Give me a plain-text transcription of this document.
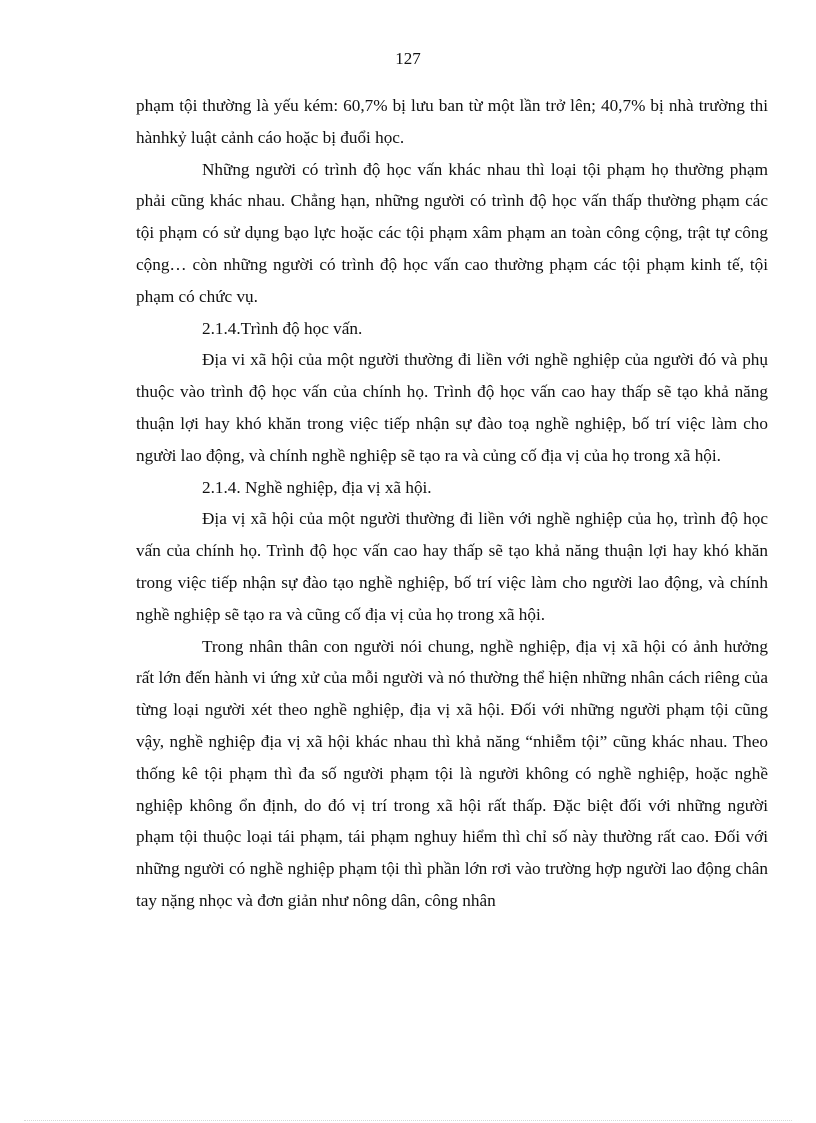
127

phạm tội thường là yếu kém: 60,7% bị lưu ban từ một lần trở lên; 40,7% bị nhà trường thi hànhkỷ luật cảnh cáo hoặc bị đuổi học.

Những người có trình độ học vấn khác nhau thì loại tội phạm họ thường phạm phải cũng khác nhau. Chẳng hạn, những người có trình độ học vấn thấp thường phạm các tội phạm có sử dụng bạo lực hoặc các tội phạm xâm phạm an toàn công cộng, trật tự công cộng… còn những người có trình độ học vấn cao thường phạm các tội phạm kinh tế, tội phạm có chức vụ.

2.1.4.Trình độ học vấn.

Địa vi xã hội của một người thường đi liền với nghề nghiệp của người đó và phụ thuộc vào trình độ học vấn của chính họ. Trình độ học vấn cao hay thấp sẽ tạo khả năng thuận lợi hay khó khăn trong việc tiếp nhận sự đào toạ nghề nghiệp, bố trí việc làm cho người lao động, và chính nghề nghiệp sẽ tạo ra và củng cố địa vị của họ trong xã hội.

2.1.4. Nghề nghiệp, địa vị xã hội.

Địa vị xã hội của một người thường đi liền với nghề nghiệp của họ, trình độ học vấn của chính họ. Trình độ học vấn cao hay thấp sẽ tạo khả năng thuận lợi hay khó khăn trong việc tiếp nhận sự đào tạo nghề nghiệp, bố trí việc làm cho người lao động, và chính nghề nghiệp sẽ tạo ra và cũng cố địa vị của họ trong xã hội.

Trong nhân thân con người nói chung, nghề nghiệp, địa vị xã hội có ảnh hưởng rất lớn đến hành vi ứng xử của mỗi người và nó thường thể hiện những nhân cách riêng của từng loại người xét theo nghề nghiệp, địa vị xã hội. Đối với những người phạm tội cũng vậy, nghề nghiệp địa vị xã hội khác nhau thì khả năng “nhiễm tội” cũng khác nhau. Theo thống kê tội phạm thì đa số người phạm tội là người không có nghề nghiệp, hoặc nghề nghiệp không ổn định, do đó vị trí trong xã hội rất thấp. Đặc biệt đối với những người phạm tội thuộc loại tái phạm, tái phạm nghuy hiểm thì chỉ số này thường rất cao. Đối với những người có nghề nghiệp phạm tội thì phần lớn rơi vào trường hợp người lao động chân tay nặng nhọc và đơn giản như nông dân, công nhân
